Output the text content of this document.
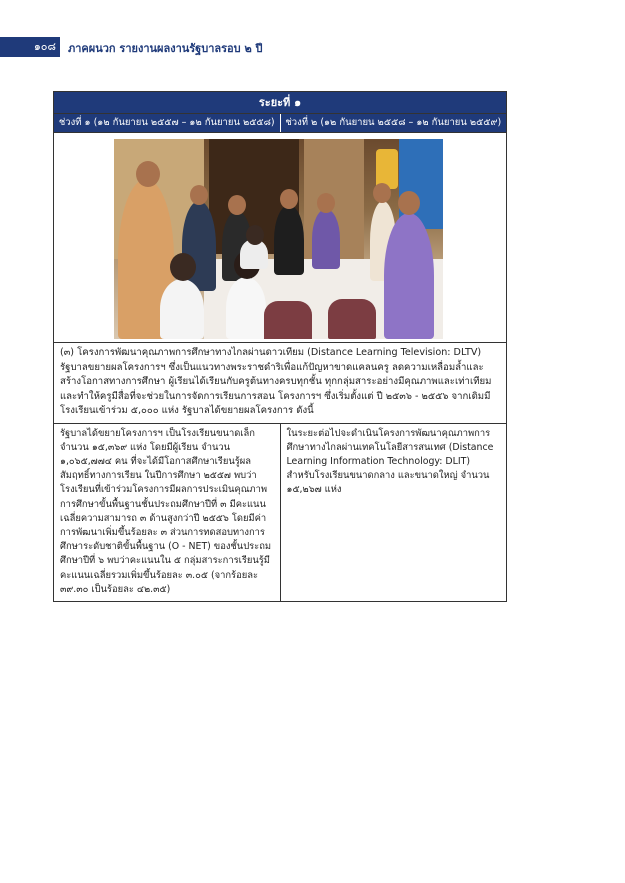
๑๐๘	ภาคผนวก รายงานผลงานรัฐบาลรอบ ๒ ปี
ระยะที่ ๑
ช่วงที่ ๑ (๑๒ กันยายน ๒๕๕๗ – ๑๒ กันยายน ๒๕๕๘)	ช่วงที่ ๒ (๑๒ กันยายน ๒๕๕๘ – ๑๒ กันยายน ๒๕๕๙)

(๓) โครงการพัฒนาคุณภาพการศึกษาทางไกลผ่านดาวเทียม (Distance Learning Television: DLTV) รัฐบาลขยายผลโครงการฯ ซึ่งเป็นแนวทางพระราชดำริเพื่อแก้ปัญหาขาดแคลนครู ลดความเหลื่อมล้ำและสร้างโอกาสทางการศึกษา ผู้เรียนได้เรียนกับครูต้นทางครบทุกชั้น ทุกกลุ่มสาระอย่างมีคุณภาพและเท่าเทียม และทำให้ครูมีสื่อที่จะช่วยในการจัดการเรียนการสอน โครงการฯ ซึ่งเริ่มตั้งแต่ ปี ๒๕๓๖ - ๒๕๕๖ จากเดิมมีโรงเรียนเข้าร่วม ๕,๐๐๐ แห่ง รัฐบาลได้ขยายผลโครงการ ดังนี้

รัฐบาลได้ขยายโครงการฯ เป็นโรงเรียนขนาดเล็ก จำนวน ๑๕,๓๖๙ แห่ง โดยมีผู้เรียน จำนวน ๑,๐๖๕,๗๗๔ คน ที่จะได้มีโอกาสศึกษาเรียนรู้ผลสัมฤทธิ์ทางการเรียน ในปีการศึกษา ๒๕๕๗ พบว่าโรงเรียนที่เข้าร่วมโครงการมีผลการประเมินคุณภาพการศึกษาขั้นพื้นฐานชั้นประถมศึกษาปีที่ ๓ มีคะแนนเฉลี่ยความสามารถ ๓ ด้านสูงกว่าปี ๒๕๕๖ โดยมีค่าการพัฒนาเพิ่มขึ้นร้อยละ ๓ ส่วนการทดสอบทางการศึกษาระดับชาติขั้นพื้นฐาน (O - NET) ของชั้นประถมศึกษาปีที่ ๖ พบว่าคะแนนใน ๕ กลุ่มสาระการเรียนรู้มีคะแนนเฉลี่ยรวมเพิ่มขึ้นร้อยละ ๓.๐๕ (จากร้อยละ ๓๙.๓๐ เป็นร้อยละ ๔๒.๓๕)

ในระยะต่อไปจะดำเนินโครงการพัฒนาคุณภาพการศึกษาทางไกลผ่านเทคโนโลยีสารสนเทศ (Distance Learning Information Technology: DLIT) สำหรับโรงเรียนขนาดกลาง และขนาดใหญ่ จำนวน ๑๕,๒๖๗ แห่ง
